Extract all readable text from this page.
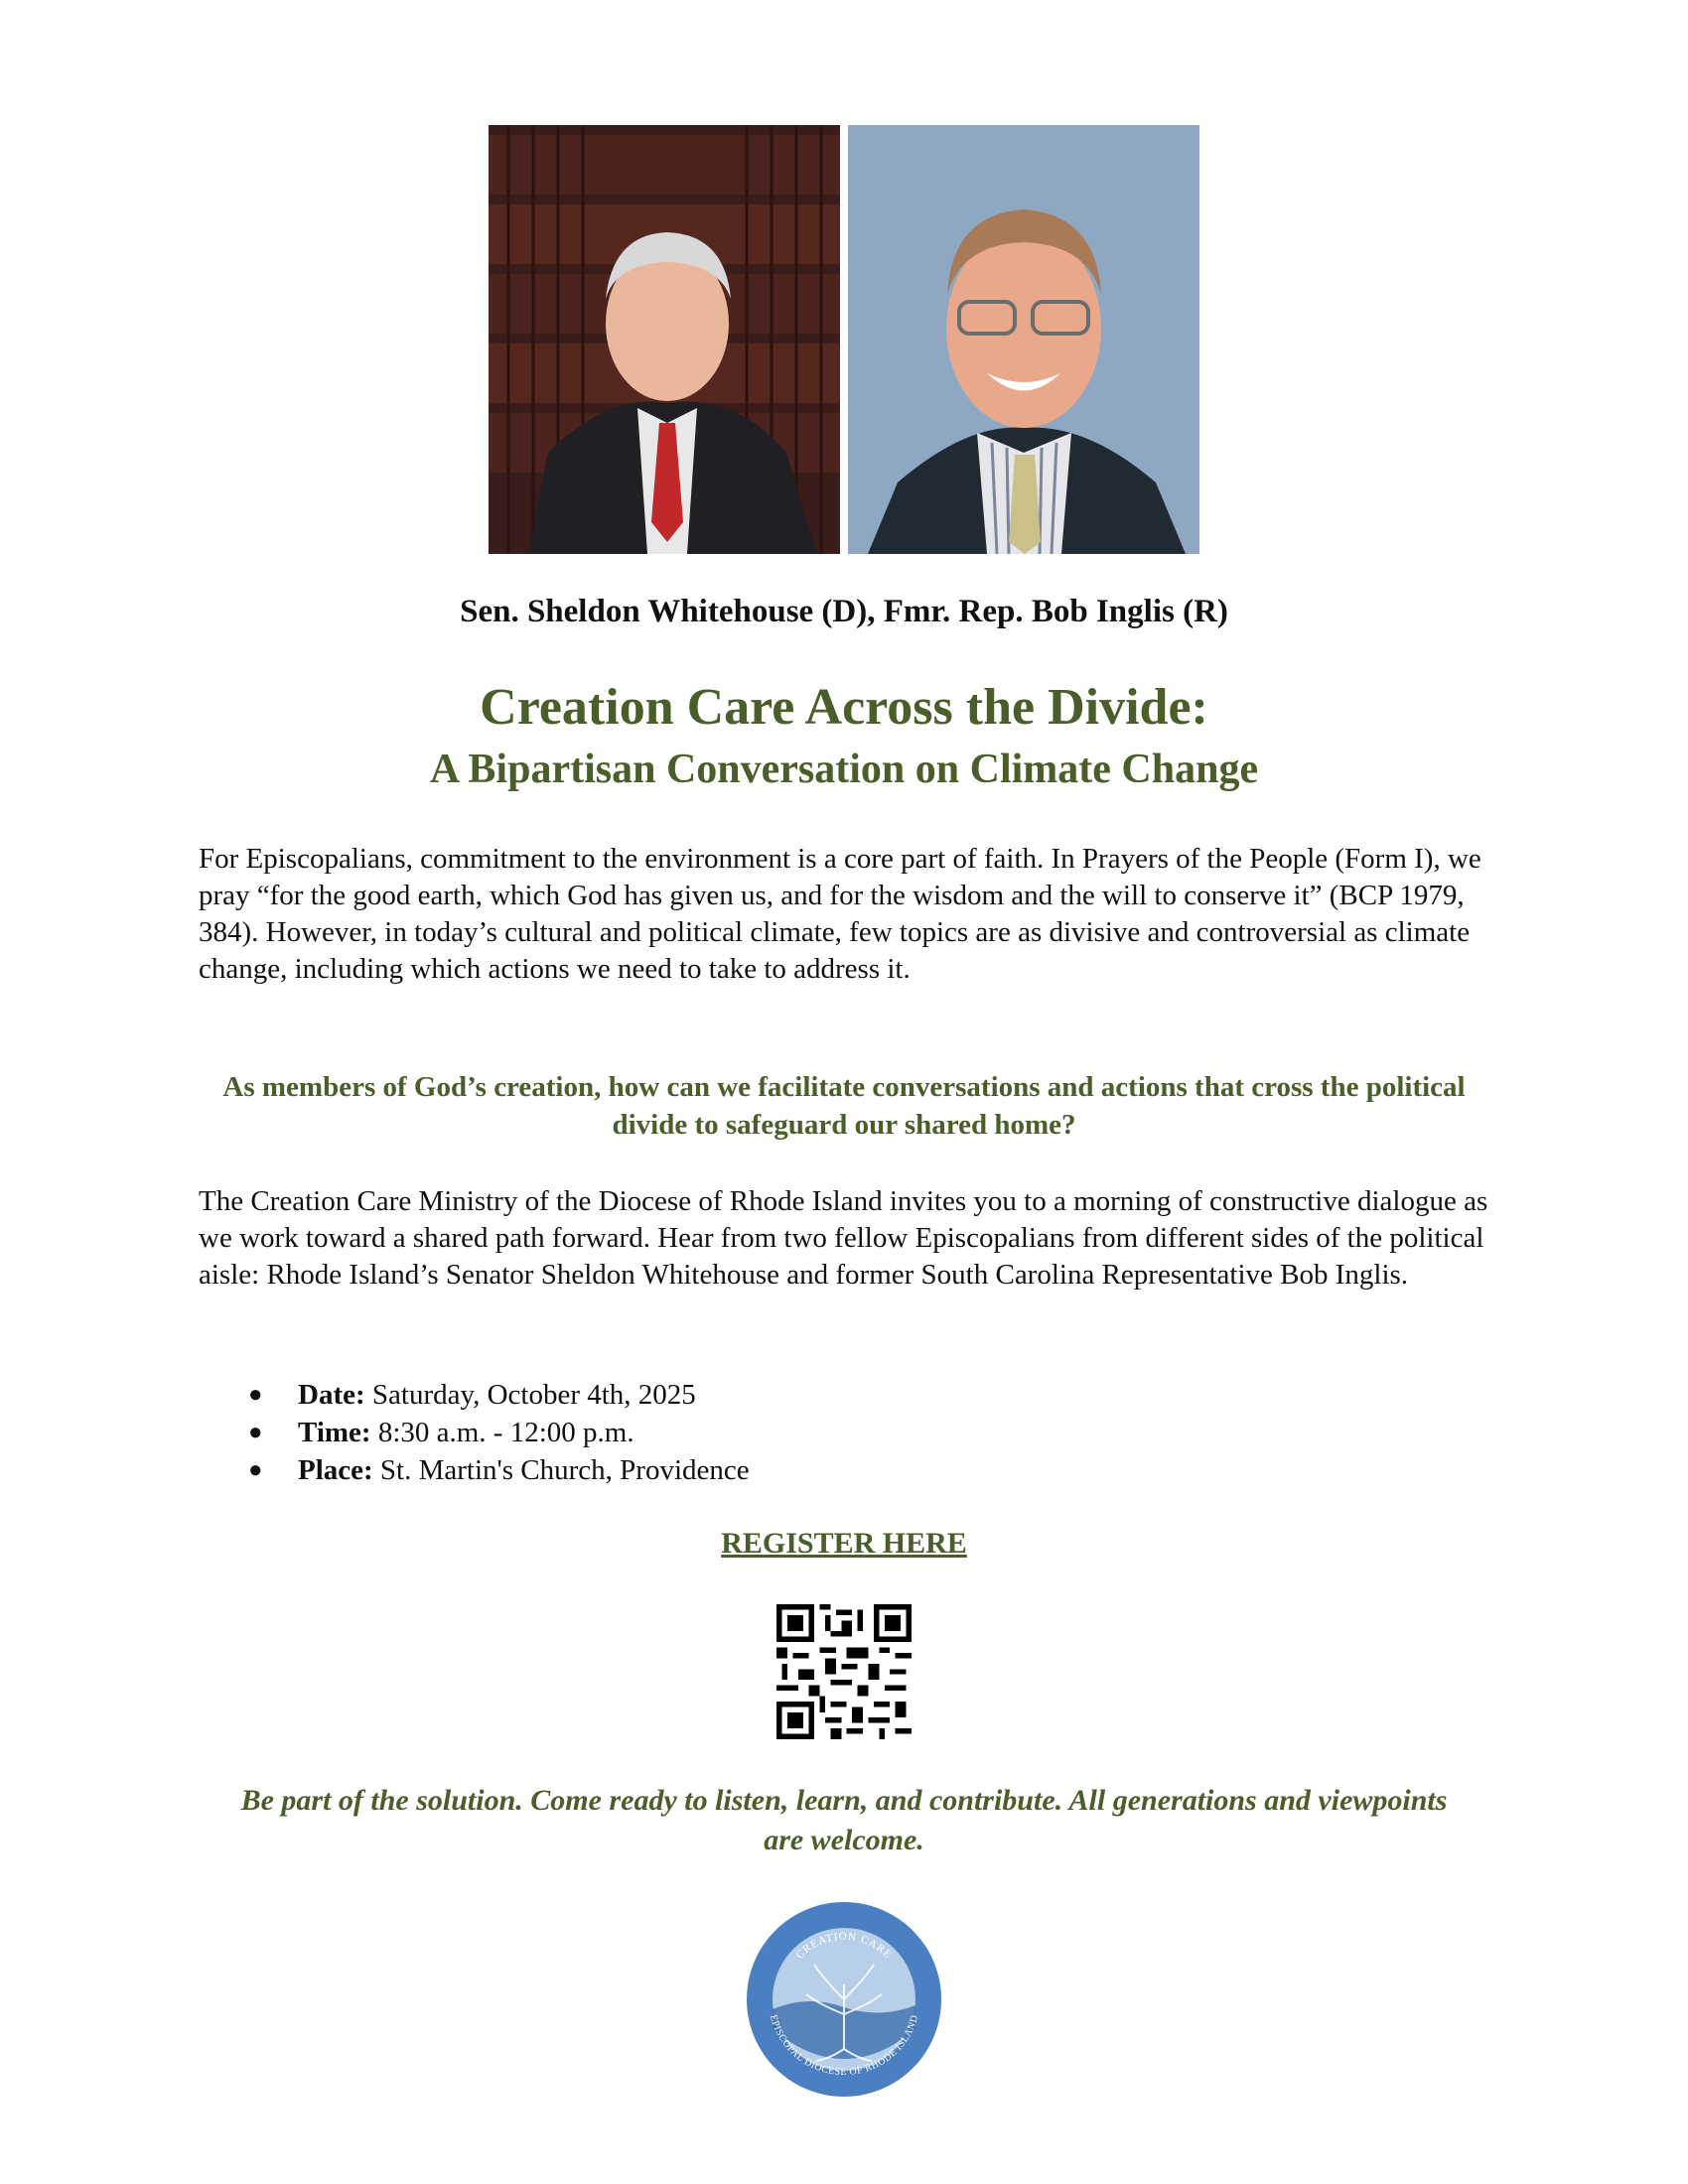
Sen. Sheldon Whitehouse (D), Fmr. Rep. Bob Inglis (R)
Creation Care Across the Divide:
A Bipartisan Conversation on Climate Change
For Episcopalians, commitment to the environment is a core part of faith. In Prayers of the People (Form I), we pray “for the good earth, which God has given us, and for the wisdom and the will to conserve it” (BCP 1979, 384). However, in today’s cultural and political climate, few topics are as divisive and controversial as climate change, including which actions we need to take to address it.
As members of God’s creation, how can we facilitate conversations and actions that cross the political divide to safeguard our shared home?
The Creation Care Ministry of the Diocese of Rhode Island invites you to a morning of constructive dialogue as we work toward a shared path forward. Hear from two fellow Episcopalians from different sides of the political aisle: Rhode Island’s Senator Sheldon Whitehouse and former South Carolina Representative Bob Inglis.
● Date: Saturday, October 4th, 2025
● Time: 8:30 a.m. - 12:00 p.m.
● Place: St. Martin's Church, Providence
REGISTER HERE
Be part of the solution. Come ready to listen, learn, and contribute. All generations and viewpoints are welcome.
CREATION CARE
EPISCOPAL DIOCESE OF RHODE ISLAND
